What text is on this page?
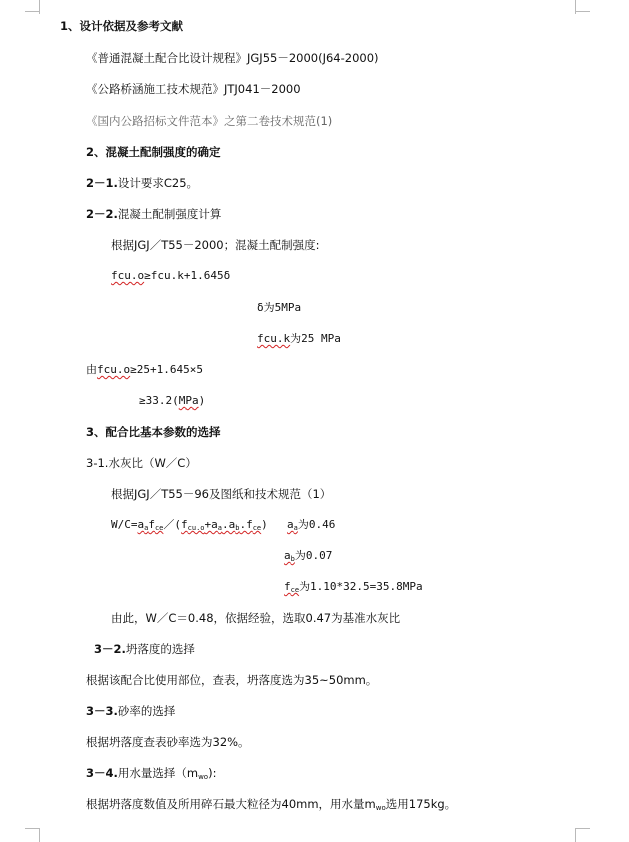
1、设计依据及参考文献
《普通混凝土配合比设计规程》JGJ55－2000(J64-2000)
《公路桥涵施工技术规范》JTJ041－2000
《国内公路招标文件范本》之第二卷技术规范(1)
2、混凝土配制强度的确定
2－1.设计要求C25。
2－2.混凝土配制强度计算
根据JGJ／T55－2000；混凝土配制强度:
fcu.o≥fcu.k+1.645δ
δ为5MPa
fcu.k为25 MPa
由fcu.o≥25+1.645×5
≥33.2(MPa)
3、配合比基本参数的选择
3-1.水灰比（W／C）
根据JGJ／T55－96及图纸和技术规范（1）
$W/C=a_af_{ce}/(f_{cu.o}+a_a.a_b.f_{ce})$ $a_a$为0.46
$a_b$为0.07
$f_{ce}$为1.10*32.5=35.8MPa
由此，W／C＝0.48，依据经验，选取0.47为基准水灰比
3－2.坍落度的选择
根据该配合比使用部位，查表，坍落度选为35~50mm。
3－3.砂率的选择
根据坍落度查表砂率选为32%。
3－4.用水量选择$(m_{wo})$:
根据坍落度数值及所用碎石最大粒径为40mm，用水量$m_{wo}$选用175kg。
